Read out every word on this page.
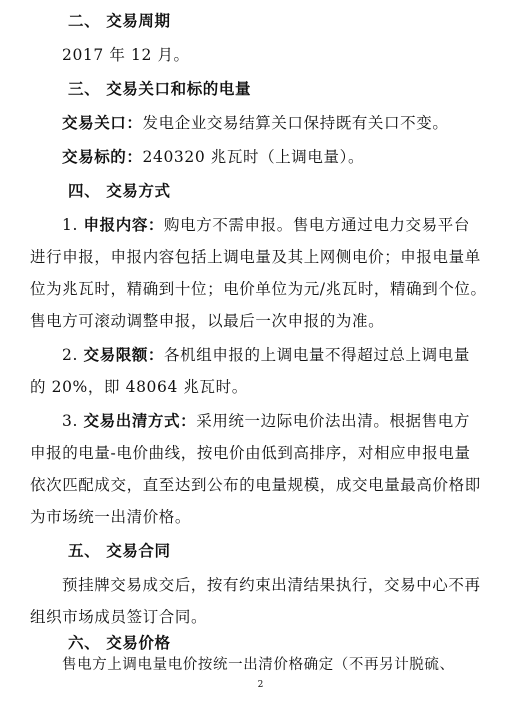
二、 交易周期
2017 年 12 月。
三、 交易关口和标的电量
交易关口：发电企业交易结算关口保持既有关口不变。
交易标的：240320 兆瓦时（上调电量）。
四、 交易方式
1. 申报内容：购电方不需申报。售电方通过电力交易平台
进行申报，申报内容包括上调电量及其上网侧电价；申报电量单
位为兆瓦时，精确到十位；电价单位为元/兆瓦时，精确到个位。
售电方可滚动调整申报，以最后一次申报的为准。
2. 交易限额：各机组申报的上调电量不得超过总上调电量
的 20%，即 48064 兆瓦时。
3. 交易出清方式：采用统一边际电价法出清。根据售电方
申报的电量-电价曲线，按电价由低到高排序，对相应申报电量
依次匹配成交，直至达到公布的电量规模，成交电量最高价格即
为市场统一出清价格。
五、 交易合同
预挂牌交易成交后，按有约束出清结果执行，交易中心不再
组织市场成员签订合同。
2
六、 交易价格
售电方上调电量电价按统一出清价格确定（不再另计脱硫、
